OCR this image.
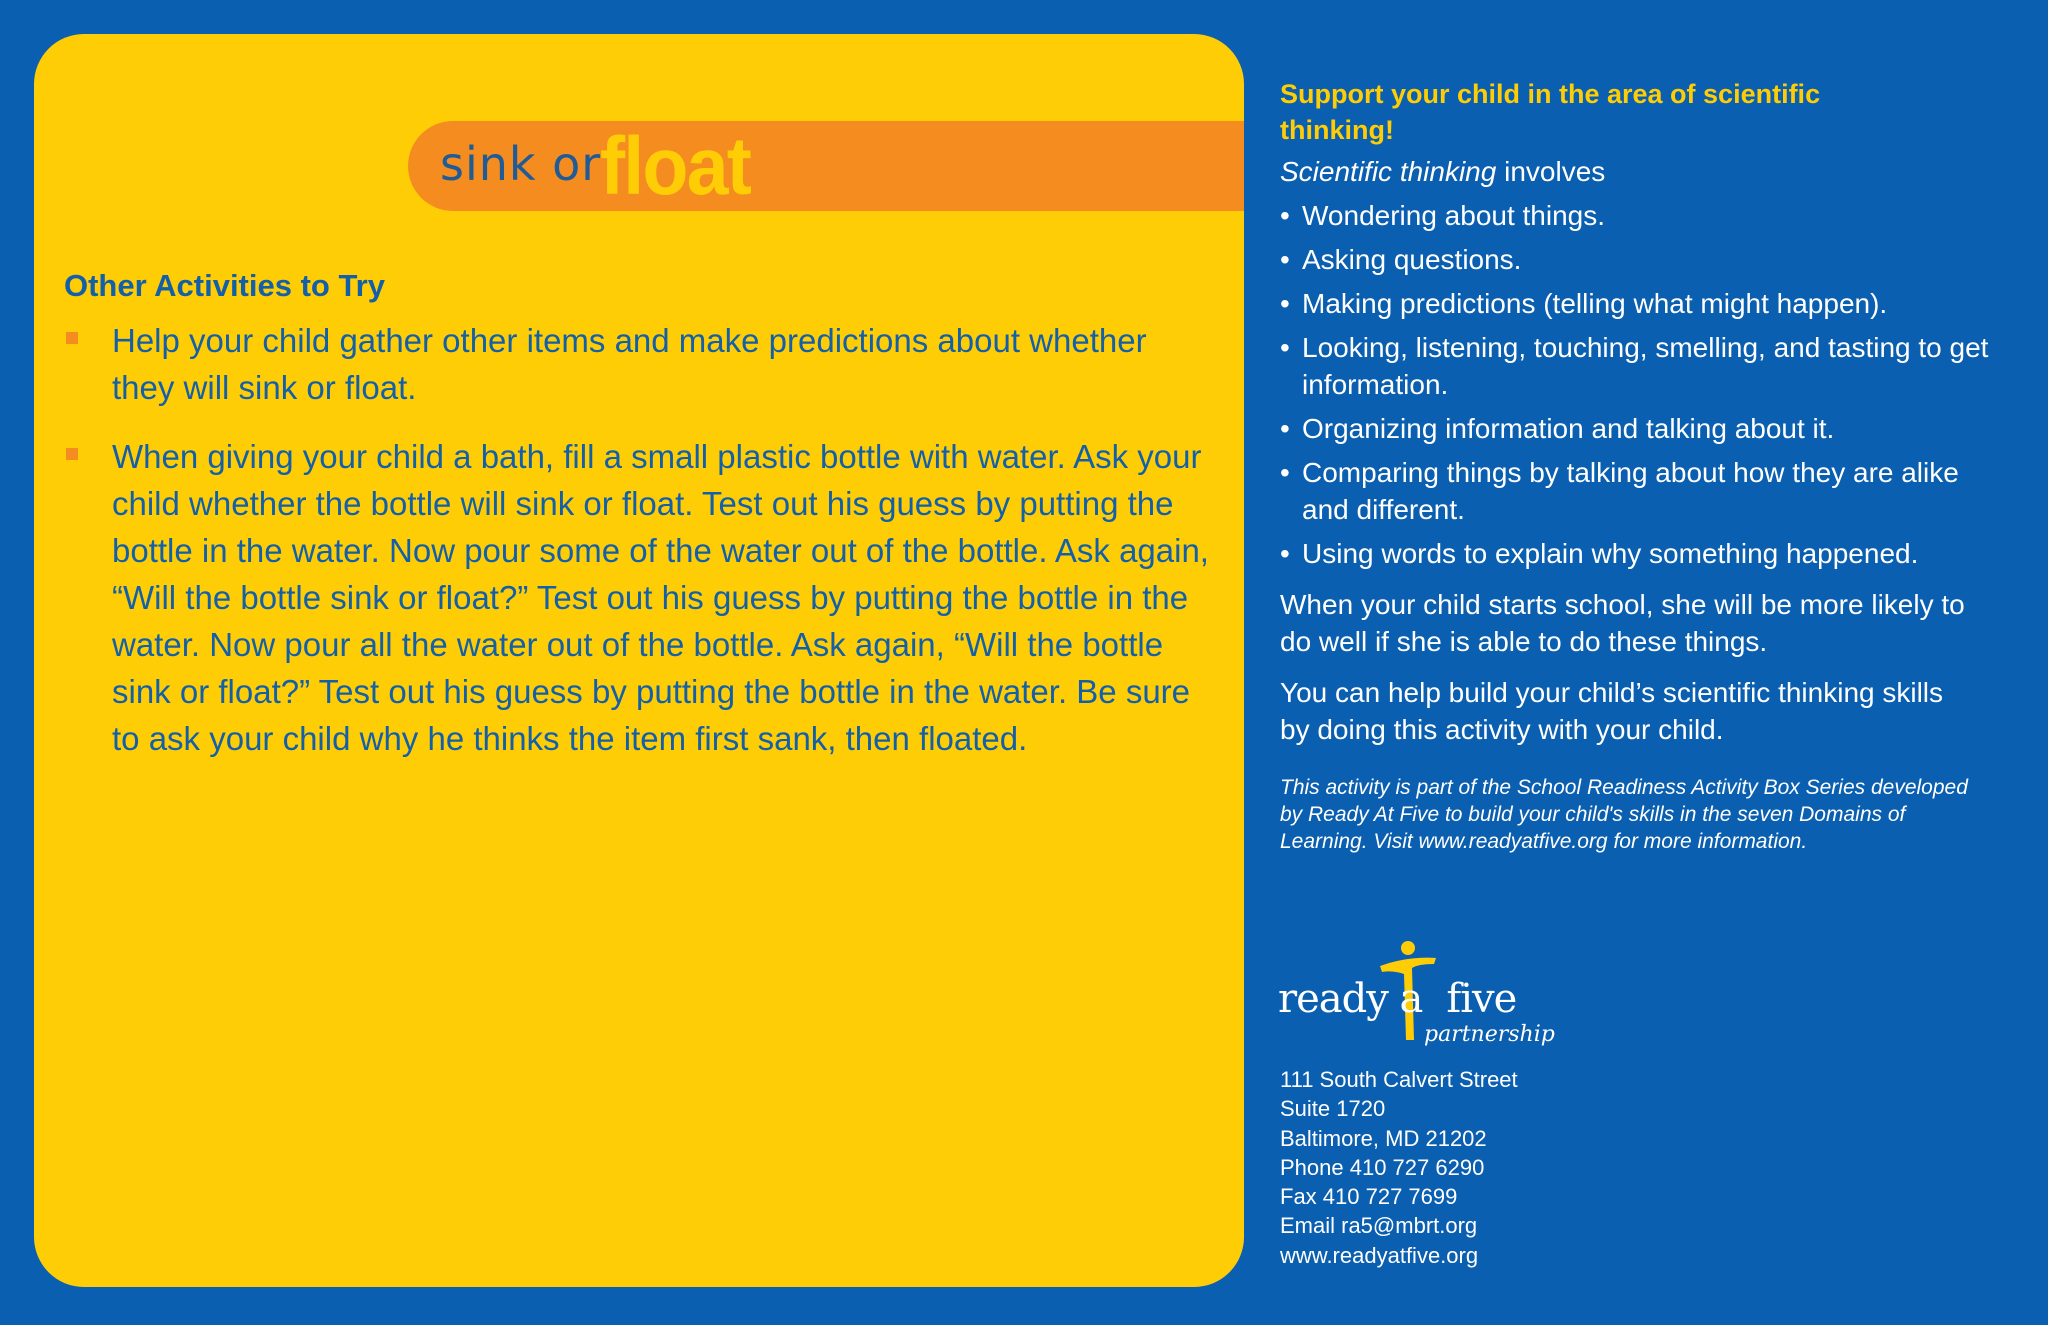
sink or
float
Other Activities to Try
Help your child gather other items and make predictions about whether they will sink or float.
When giving your child a bath, fill a small plastic bottle with water. Ask your child whether the bottle will sink or float. Test out his guess by putting the bottle in the water. Now pour some of the water out of the bottle. Ask again, “Will the bottle sink or float?” Test out his guess by putting the bottle in the water. Now pour all the water out of the bottle. Ask again, “Will the bottle sink or float?” Test out his guess by putting the bottle in the water. Be sure to ask your child why he thinks the item first sank, then floated.
Support your child in the area of scientific thinking!
Scientific thinking involves
• Wondering about things.
• Asking questions.
• Making predictions (telling what might happen).
• Looking, listening, touching, smelling, and tasting to get information.
• Organizing information and talking about it.
• Comparing things by talking about how they are alike and different.
• Using words to explain why something happened.
When your child starts school, she will be more likely to do well if she is able to do these things.
You can help build your child’s scientific thinking skills by doing this activity with your child.
This activity is part of the School Readiness Activity Box Series developed by Ready At Five to build your child's skills in the seven Domains of Learning. Visit www.readyatfive.org for more information.
ready a five
partnership
111 South Calvert Street
Suite 1720
Baltimore, MD 21202
Phone 410 727 6290
Fax 410 727 7699
Email ra5@mbrt.org
www.readyatfive.org
